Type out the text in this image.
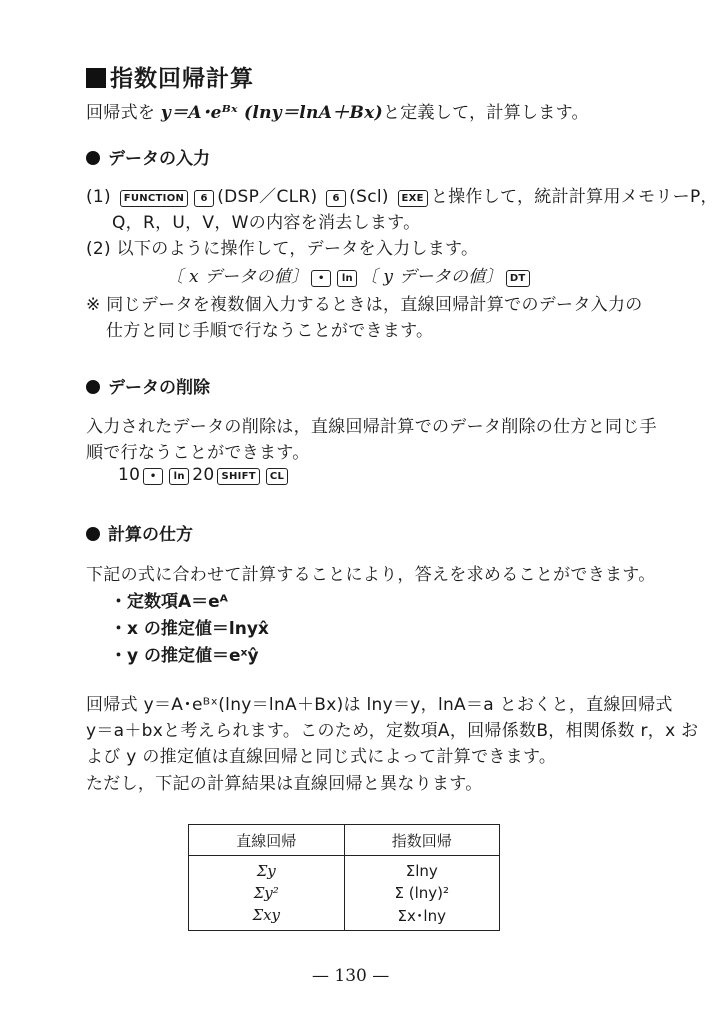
指数回帰計算
回帰式を y＝A･eᴮˣ (lny＝lnA＋Bx)と定義して，計算します。
データの入力
(1) FUNCTION 6 (DSP／CLR) 6 (Scl) EXE と操作して，統計計算用メモリーP，
Q，R，U，V，Wの内容を消去します。
(2) 以下のように操作して，データを入力します。
〔 x データの値〕 • ln 〔 y データの値〕 DT
※ 同じデータを複数個入力するときは，直線回帰計算でのデータ入力の
仕方と同じ手順で行なうことができます。
データの削除
入力されたデータの削除は，直線回帰計算でのデータ削除の仕方と同じ手
順で行なうことができます。
10 • ln 20 SHIFT CL
計算の仕方
下記の式に合わせて計算することにより，答えを求めることができます。
・定数項A＝eᴬ
・x の推定値＝lnyx̂
・y の推定値＝eˣŷ
回帰式 y＝A･eᴮˣ(lny＝lnA＋Bx)は lny＝y，lnA＝a とおくと，直線回帰式
y＝a＋bxと考えられます。このため，定数項A，回帰係数B，相関係数 r，x お
よび y の推定値は直線回帰と同じ式によって計算できます。
ただし，下記の計算結果は直線回帰と異なります。
直線回帰	指数回帰
Σy	Σlny
Σy²	Σ (lny)²
Σxy	Σx･lny
— 130 —
